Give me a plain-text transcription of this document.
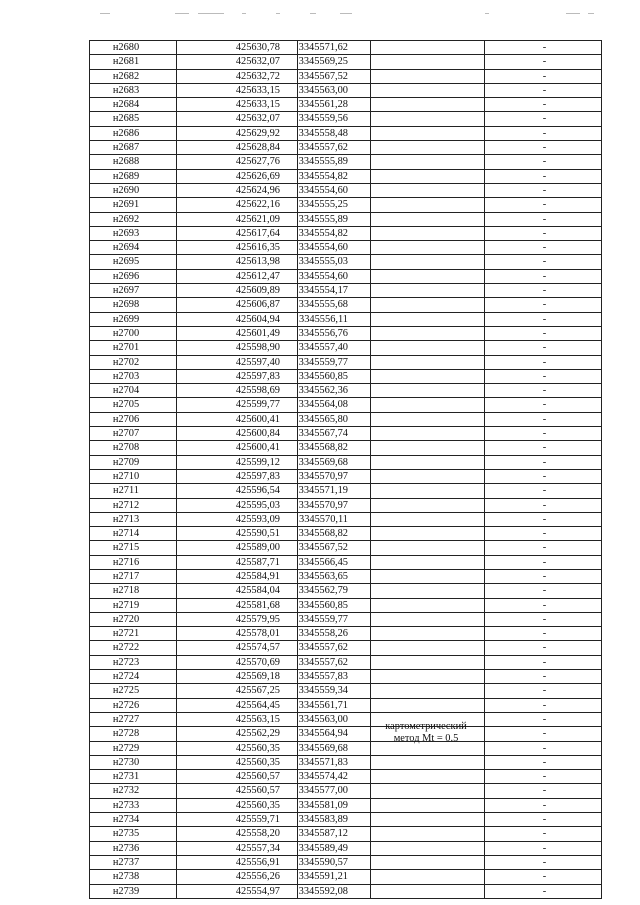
н2680	425630,78	3345571,62		-
н2681	425632,07	3345569,25		-
н2682	425632,72	3345567,52		-
н2683	425633,15	3345563,00		-
н2684	425633,15	3345561,28		-
н2685	425632,07	3345559,56		-
н2686	425629,92	3345558,48		-
н2687	425628,84	3345557,62		-
н2688	425627,76	3345555,89		-
н2689	425626,69	3345554,82		-
н2690	425624,96	3345554,60		-
н2691	425622,16	3345555,25		-
н2692	425621,09	3345555,89		-
н2693	425617,64	3345554,82		-
н2694	425616,35	3345554,60		-
н2695	425613,98	3345555,03		-
н2696	425612,47	3345554,60		-
н2697	425609,89	3345554,17		-
н2698	425606,87	3345555,68		-
н2699	425604,94	3345556,11		-
н2700	425601,49	3345556,76		-
н2701	425598,90	3345557,40		-
н2702	425597,40	3345559,77		-
н2703	425597,83	3345560,85		-
н2704	425598,69	3345562,36		-
н2705	425599,77	3345564,08		-
н2706	425600,41	3345565,80		-
н2707	425600,84	3345567,74		-
н2708	425600,41	3345568,82		-
н2709	425599,12	3345569,68		-
н2710	425597,83	3345570,97		-
н2711	425596,54	3345571,19		-
н2712	425595,03	3345570,97		-
н2713	425593,09	3345570,11		-
н2714	425590,51	3345568,82		-
н2715	425589,00	3345567,52		-
н2716	425587,71	3345566,45		-
н2717	425584,91	3345563,65		-
н2718	425584,04	3345562,79		-
н2719	425581,68	3345560,85		-
н2720	425579,95	3345559,77		-
н2721	425578,01	3345558,26		-
н2722	425574,57	3345557,62		-
н2723	425570,69	3345557,62		-
н2724	425569,18	3345557,83		-
н2725	425567,25	3345559,34		-
н2726	425564,45	3345561,71		-
н2727	425563,15	3345563,00		-
н2728	425562,29	3345564,94		-
н2729	425560,35	3345569,68		-
н2730	425560,35	3345571,83		-
н2731	425560,57	3345574,42		-
н2732	425560,57	3345577,00		-
н2733	425560,35	3345581,09		-
н2734	425559,71	3345583,89		-
н2735	425558,20	3345587,12		-
н2736	425557,34	3345589,49		-
н2737	425556,91	3345590,57		-
н2738	425556,26	3345591,21		-
н2739	425554,97	3345592,08		-
картометрический
метод Mt = 0.5
